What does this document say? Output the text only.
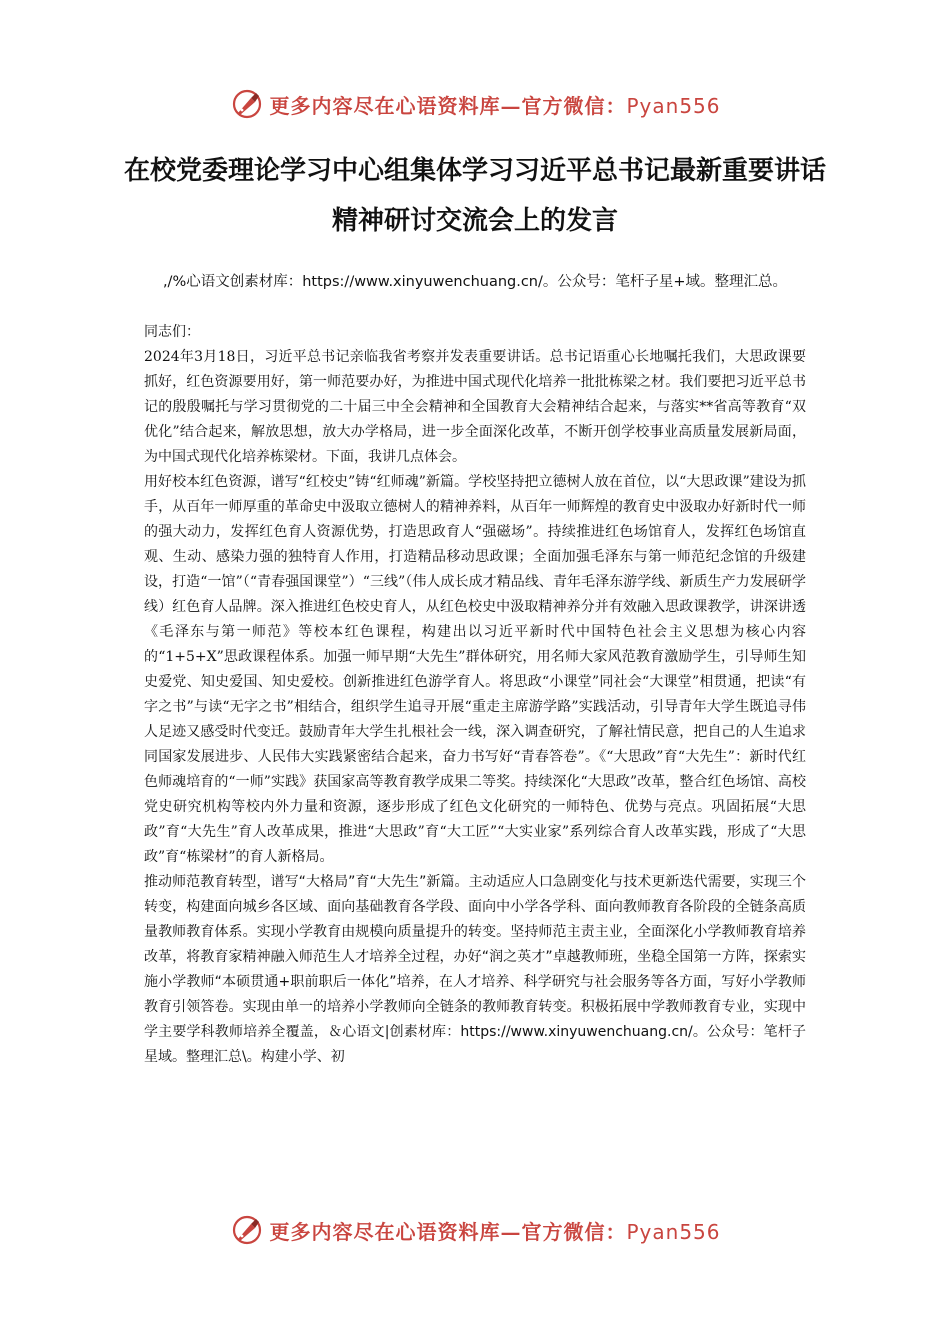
更多内容尽在心语资料库—官方微信：Pyan556
在校党委理论学习中心组集体学习习近平总书记最新重要讲话精神研讨交流会上的发言

,/%心语文创素材库：https://www.xinyuwenchuang.cn/。公众号：笔杆子星+域。整理汇总。

同志们：

2024年3月18日，习近平总书记亲临我省考察并发表重要讲话。总书记语重心长地嘱托我们，大思政课要抓好，红色资源要用好，第一师范要办好，为推进中国式现代化培养一批批栋梁之材。我们要把习近平总书记的殷殷嘱托与学习贯彻党的二十届三中全会精神和全国教育大会精神结合起来，与落实**省高等教育“双优化”结合起来，解放思想，放大办学格局，进一步全面深化改革，不断开创学校事业高质量发展新局面，为中国式现代化培养栋梁材。下面，我讲几点体会。

用好校本红色资源，谱写“红校史”铸“红师魂”新篇。学校坚持把立德树人放在首位，以“大思政课”建设为抓手，从百年一师厚重的革命史中汲取立德树人的精神养料，从百年一师辉煌的教育史中汲取办好新时代一师的强大动力，发挥红色育人资源优势，打造思政育人“强磁场”。持续推进红色场馆育人，发挥红色场馆直观、生动、感染力强的独特育人作用，打造精品移动思政课；全面加强毛泽东与第一师范纪念馆的升级建设，打造“一馆”（“青春强国课堂”）“三线”（伟人成长成才精品线、青年毛泽东游学线、新质生产力发展研学线）红色育人品牌。深入推进红色校史育人，从红色校史中汲取精神养分并有效融入思政课教学，讲深讲透《毛泽东与第一师范》等校本红色课程，构建出以习近平新时代中国特色社会主义思想为核心内容的“1+5+X”思政课程体系。加强一师早期“大先生”群体研究，用名师大家风范教育激励学生，引导师生知史爱党、知史爱国、知史爱校。创新推进红色游学育人。将思政“小课堂”同社会“大课堂”相贯通，把读“有字之书”与读“无字之书”相结合，组织学生追寻开展“重走主席游学路”实践活动，引导青年大学生既追寻伟人足迹又感受时代变迁。鼓励青年大学生扎根社会一线，深入调查研究，了解社情民意，把自己的人生追求同国家发展进步、人民伟大实践紧密结合起来，奋力书写好“青春答卷”。《“大思政”育“大先生”：新时代红色师魂培育的“一师”实践》获国家高等教育教学成果二等奖。持续深化“大思政”改革，整合红色场馆、高校党史研究机构等校内外力量和资源，逐步形成了红色文化研究的一师特色、优势与亮点。巩固拓展“大思政”育“大先生”育人改革成果，推进“大思政”育“大工匠”“大实业家”系列综合育人改革实践，形成了“大思政”育“栋梁材”的育人新格局。

推动师范教育转型，谱写“大格局”育“大先生”新篇。主动适应人口急剧变化与技术更新迭代需要，实现三个转变，构建面向城乡各区域、面向基础教育各学段、面向中小学各学科、面向教师教育各阶段的全链条高质量教师教育体系。实现小学教育由规模向质量提升的转变。坚持师范主责主业，全面深化小学教师教育培养改革，将教育家精神融入师范生人才培养全过程，办好“润之英才”卓越教师班，坐稳全国第一方阵，探索实施小学教师“本硕贯通+职前职后一体化”培养，在人才培养、科学研究与社会服务等各方面，写好小学教师教育引领答卷。实现由单一的培养小学教师向全链条的教师教育转变。积极拓展中学教师教育专业，实现中学主要学科教师培养全覆盖，＆心语文|创素材库：https://www.xinyuwenchuang.cn/。公众号：笔杆子星域。整理汇总\。构建小学、初

更多内容尽在心语资料库—官方微信：Pyan556
